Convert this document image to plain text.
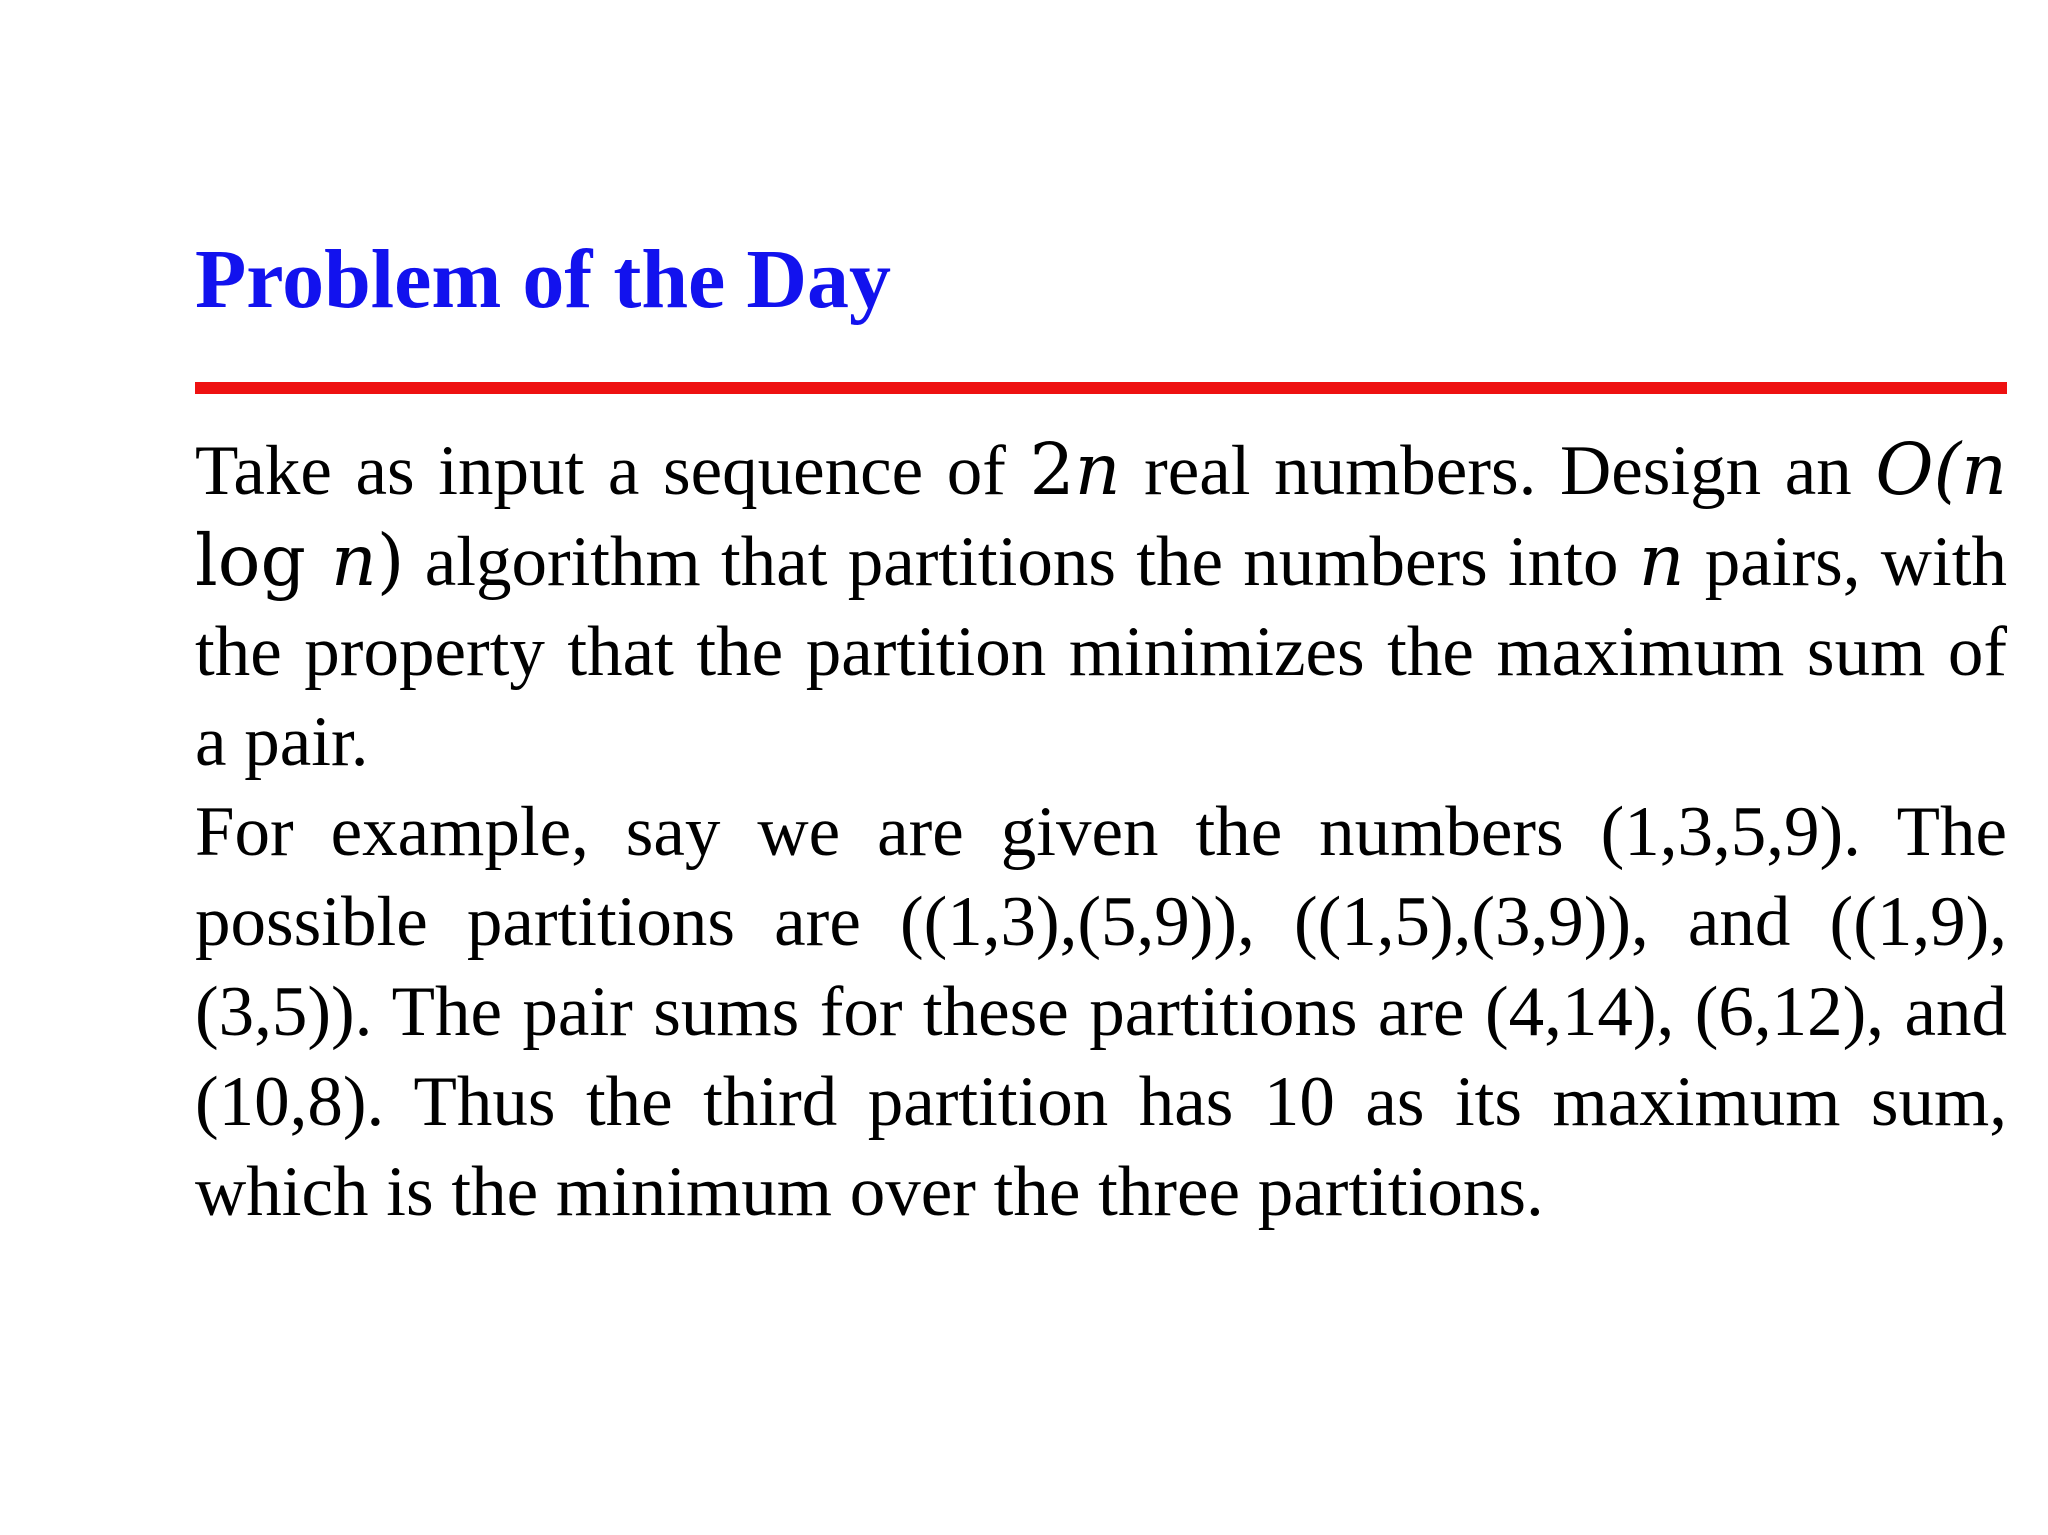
Problem of the Day

Take as input a sequence of 2n real numbers. Design an O(n log n) algorithm that partitions the numbers into n pairs, with the property that the partition minimizes the maximum sum of a pair.

For example, say we are given the numbers (1,3,5,9). The possible partitions are ((1,3),(5,9)), ((1,5),(3,9)), and ((1,9),(3,5)). The pair sums for these partitions are (4,14), (6,12), and (10,8). Thus the third partition has 10 as its maximum sum, which is the minimum over the three partitions.
